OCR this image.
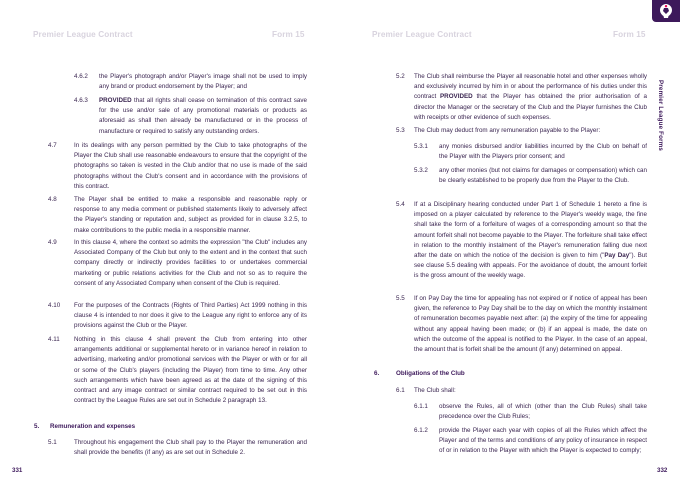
Premier League Contract	Form 15
4.6.2 the Player's photograph and/or Player's image shall not be used to imply any brand or product endorsement by the Player; and
4.6.3 PROVIDED that all rights shall cease on termination of this contract save for the use and/or sale of any promotional materials or products as aforesaid as shall then already be manufactured or in the process of manufacture or required to satisfy any outstanding orders.
4.7	In its dealings with any person permitted by the Club to take photographs of the Player the Club shall use reasonable endeavours to ensure that the copyright of the photographs so taken is vested in the Club and/or that no use is made of the said photographs without the Club's consent and in accordance with the provisions of this contract.
4.8	The Player shall be entitled to make a responsible and reasonable reply or response to any media comment or published statements likely to adversely affect the Player's standing or reputation and, subject as provided for in clause 3.2.5, to make contributions to the public media in a responsible manner.
4.9	In this clause 4, where the context so admits the expression "the Club" includes any Associated Company of the Club but only to the extent and in the context that such company directly or indirectly provides facilities to or undertakes commercial marketing or public relations activities for the Club and not so as to require the consent of any Associated Company when consent of the Club is required.
4.10 For the purposes of the Contracts (Rights of Third Parties) Act 1999 nothing in this clause 4 is intended to nor does it give to the League any right to enforce any of its provisions against the Club or the Player.
4.11 Nothing in this clause 4 shall prevent the Club from entering into other arrangements additional or supplemental hereto or in variance hereof in relation to advertising, marketing and/or promotional services with the Player or with or for all or some of the Club's players (including the Player) from time to time. Any other such arrangements which have been agreed as at the date of the signing of this contract and any image contract or similar contract required to be set out in this contract by the League Rules are set out in Schedule 2 paragraph 13.
5. Remuneration and expenses
5.1	Throughout his engagement the Club shall pay to the Player the remuneration and shall provide the benefits (if any) as are set out in Schedule 2.
331
Premier League Contract	Form 15
5.2 The Club shall reimburse the Player all reasonable hotel and other expenses wholly and exclusively incurred by him in or about the performance of his duties under this contract PROVIDED that the Player has obtained the prior authorisation of a director the Manager or the secretary of the Club and the Player furnishes the Club with receipts or other evidence of such expenses.
5.3 The Club may deduct from any remuneration payable to the Player:
5.3.1 any monies disbursed and/or liabilities incurred by the Club on behalf of the Player with the Players prior consent; and
5.3.2 any other monies (but not claims for damages or compensation) which can be clearly established to be properly due from the Player to the Club.
5.4 If at a Disciplinary hearing conducted under Part 1 of Schedule 1 hereto a fine is imposed on a player calculated by reference to the Player's weekly wage, the fine shall take the form of a forfeiture of wages of a corresponding amount so that the amount forfeit shall not become payable to the Player. The forfeiture shall take effect in relation to the monthly instalment of the Player's remuneration falling due next after the date on which the notice of the decision is given to him ("Pay Day"). But see clause 5.5 dealing with appeals. For the avoidance of doubt, the amount forfeit is the gross amount of the weekly wage.
5.5 If on Pay Day the time for appealing has not expired or if notice of appeal has been given, the reference to Pay Day shall be to the day on which the monthly instalment of remuneration becomes payable next after: (a) the expiry of the time for appealing without any appeal having been made; or (b) if an appeal is made, the date on which the outcome of the appeal is notified to the Player. In the case of an appeal, the amount that is forfeit shall be the amount (if any) determined on appeal.
6.	Obligations of the Club
6.1 The Club shall:
6.1.1 observe the Rules, all of which (other than the Club Rules) shall take precedence over the Club Rules;
6.1.2 provide the Player each year with copies of all the Rules which affect the Player and of the terms and conditions of any policy of insurance in respect of or in relation to the Player with which the Player is expected to comply;
332
Premier League Forms
